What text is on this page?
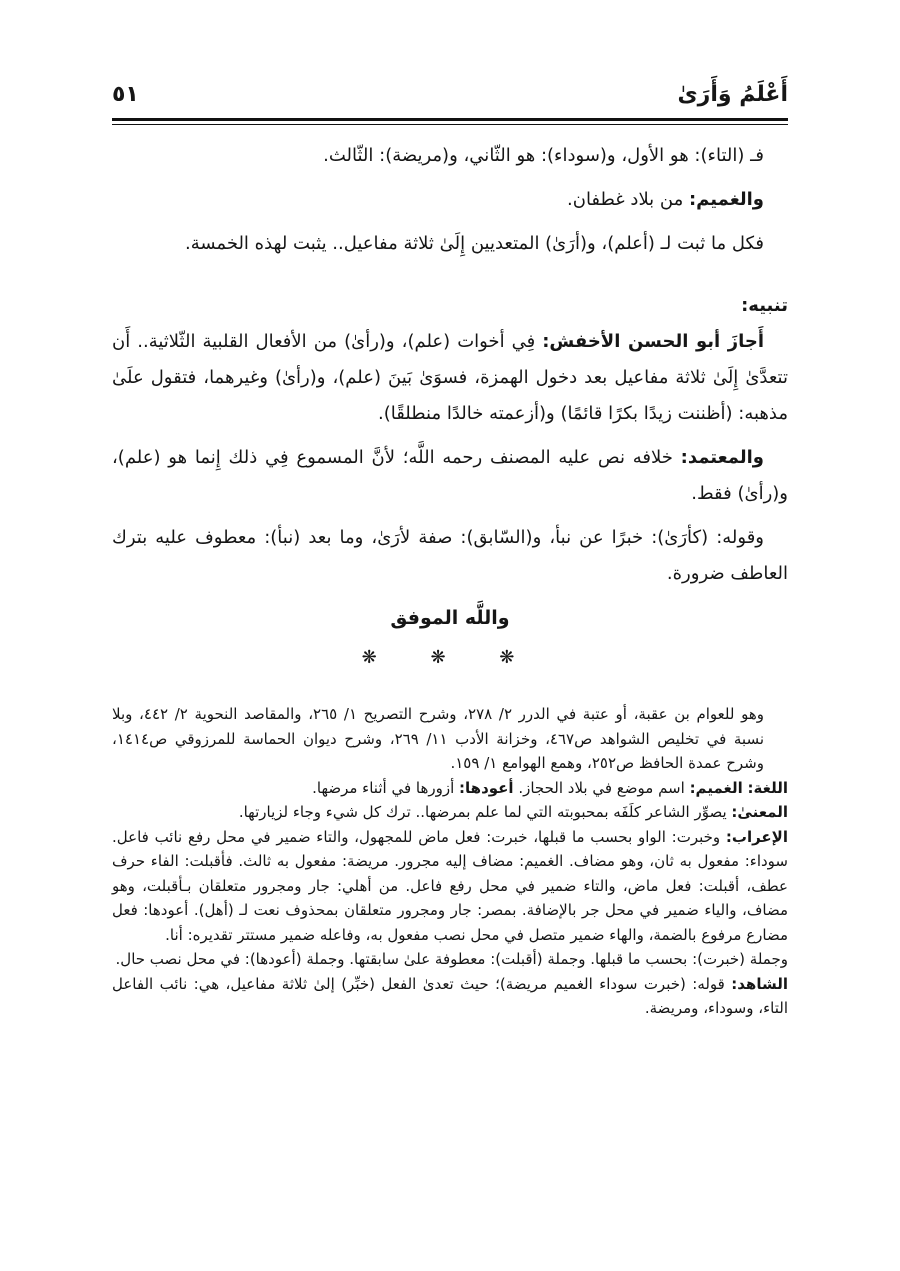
أَعْلَمُ وَأَرَىٰ
٥١

فـ (التاء): هو الأول، و(سوداء): هو الثّاني، و(مريضة): الثّالث.

والغميم: من بلاد غطفان.

فكل ما ثبت لـ (أعلم)، و(أرَىٰ) المتعديين إِلَىٰ ثلاثة مفاعيل.. يثبت لهذه الخمسة.

تنبيه:

أَجازَ أبو الحسن الأخفش: فِي أخوات (علم)، و(رأىٰ) من الأفعال القلبية الثّلاثية.. أَن تتعدَّىٰ إِلَىٰ ثلاثة مفاعيل بعد دخول الهمزة، فسوَىٰ بَينَ (علم)، و(رأىٰ) وغيرهما، فتقول علَىٰ مذهبه: (أظننت زيدًا بكرًا قائمًا) و(أزعمته خالدًا منطلقًا).

والمعتمد: خلافه نص عليه المصنف رحمه اللَّه؛ لأنَّ المسموع فِي ذلك إِنما هو (علم)، و(رأىٰ) فقط.

وقوله: (كأرَىٰ): خبرًا عن نبأ، و(السّابق): صفة لأرَىٰ، وما بعد (نبأ): معطوف عليه بترك العاطف ضرورة.

واللَّه الموفق

❋ ❋ ❋

وهو للعوام بن عقبة، أو عتبة في الدرر ٢/ ٢٧٨، وشرح التصريح ١/ ٢٦٥، والمقاصد النحوية ٢/ ٤٤٢، وبلا نسبة في تخليص الشواهد ص٤٦٧، وخزانة الأدب ١١/ ٢٦٩، وشرح ديوان الحماسة للمرزوقي ص١٤١٤، وشرح عمدة الحافظ ص٢٥٢، وهمع الهوامع ١/ ١٥٩.

اللغة: الغميم: اسم موضع في بلاد الحجاز. أعودها: أزورها في أثناء مرضها.

المعنىٰ: يصوِّر الشاعر كلَفَه بمحبوبته التي لما علم بمرضها.. ترك كل شيء وجاء لزيارتها.

الإعراب: وخبرت: الواو بحسب ما قبلها، خبرت: فعل ماض للمجهول، والتاء ضمير في محل رفع نائب فاعل. سوداء: مفعول به ثان، وهو مضاف. الغميم: مضاف إليه مجرور. مريضة: مفعول به ثالث. فأقبلت: الفاء حرف عطف، أقبلت: فعل ماض، والتاء ضمير في محل رفع فاعل. من أهلي: جار ومجرور متعلقان بـأقبلت، وهو مضاف، والياء ضمير في محل جر بالإضافة. بمصر: جار ومجرور متعلقان بمحذوف نعت لـ (أهل). أعودها: فعل مضارع مرفوع بالضمة، والهاء ضمير متصل في محل نصب مفعول به، وفاعله ضمير مستتر تقديره: أنا.

وجملة (خبرت): بحسب ما قبلها. وجملة (أقبلت): معطوفة علىٰ سابقتها. وجملة (أعودها): في محل نصب حال.

الشاهد: قوله: (خبرت سوداء الغميم مريضة)؛ حيث تعدىٰ الفعل (خبِّر) إلىٰ ثلاثة مفاعيل، هي: نائب الفاعل التاء، وسوداء، ومريضة.
